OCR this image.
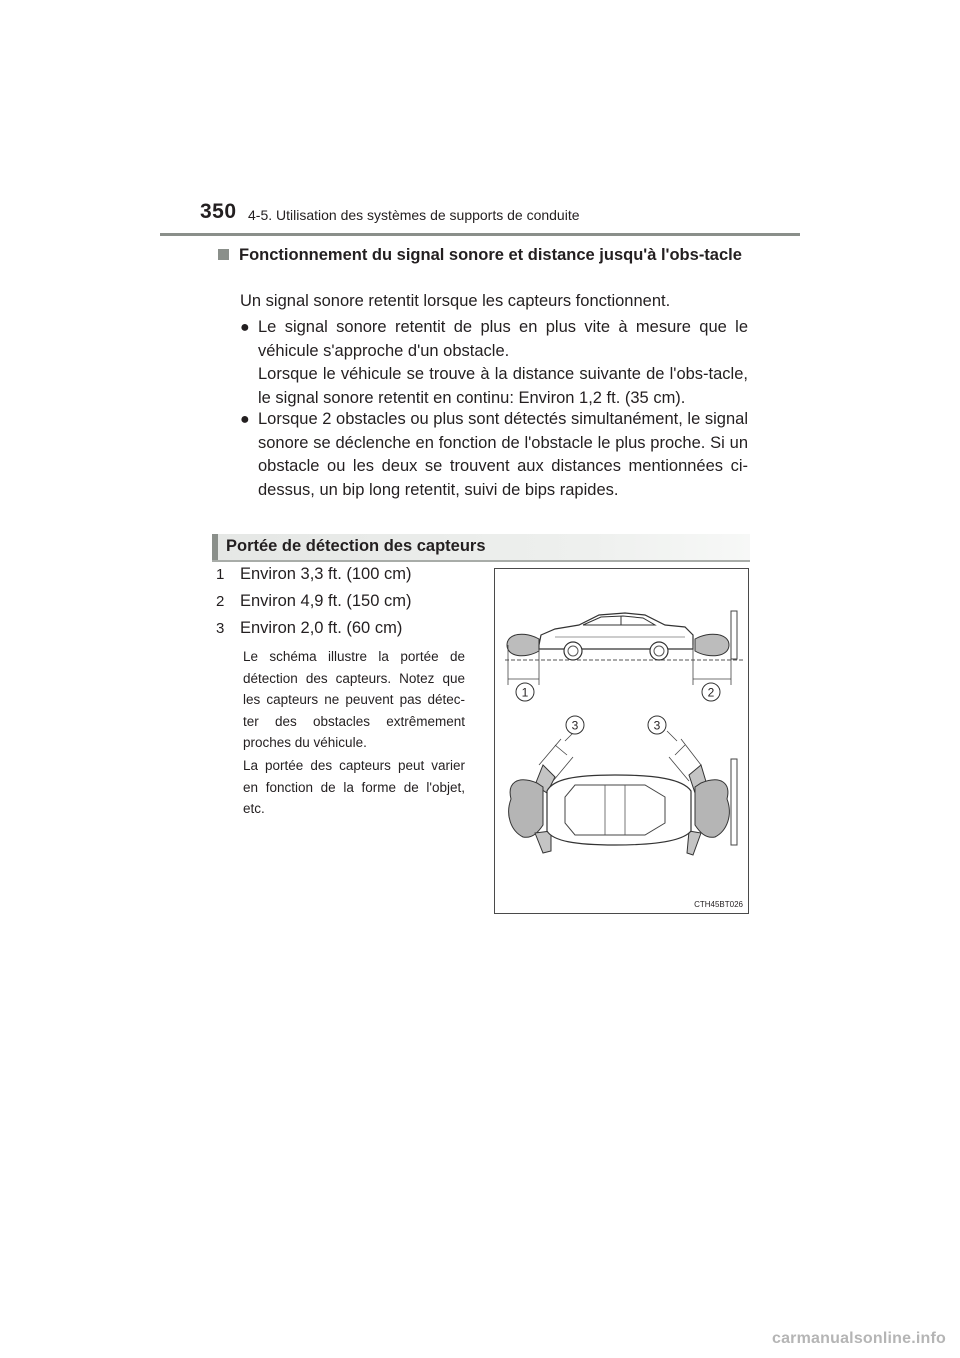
350 4-5. Utilisation des systèmes de supports de conduite
Fonctionnement du signal sonore et distance jusqu'à l'obs-tacle
Un signal sonore retentit lorsque les capteurs fonctionnent.
● Le signal sonore retentit de plus en plus vite à mesure que le véhicule s'approche d'un obstacle.

Lorsque le véhicule se trouve à la distance suivante de l'obs-tacle, le signal sonore retentit en continu: Environ 1,2 ft. (35 cm).

● Lorsque 2 obstacles ou plus sont détectés simultanément, le signal sonore se déclenche en fonction de l'obstacle le plus proche. Si un obstacle ou les deux se trouvent aux distances mentionnées ci-dessus, un bip long retentit, suivi de bips rapides.

Portée de détection des capteurs
1 Environ 3,3 ft. (100 cm)
2 Environ 4,9 ft. (150 cm)
3 Environ 2,0 ft. (60 cm)

Le schéma illustre la portée de détection des capteurs. Notez que les capteurs ne peuvent pas détec-ter des obstacles extrêmement proches du véhicule.

La portée des capteurs peut varier en fonction de la forme de l'objet, etc.

1	2
3	3
CTH45BT026
carmanualsonline.info
